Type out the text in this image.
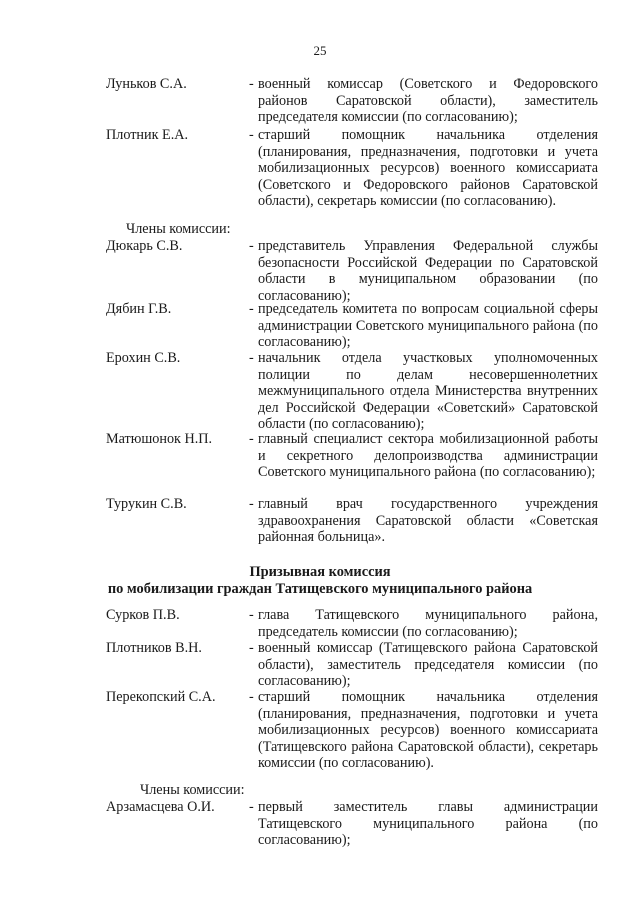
25
Луньков С.А.	- военный комиссар (Советского и Федоровского районов Саратовской области), заместитель председателя комиссии (по согласованию);
Плотник Е.А.	- старший помощник начальника отделения (планирования, предназначения, подготовки и учета мобилизационных ресурсов) военного комиссариата (Советского и Федоровского районов Саратовской области), секретарь комиссии (по согласованию).
Члены комиссии:
Дюкарь С.В.	- представитель Управления Федеральной службы безопасности Российской Федерации по Саратовской области в муниципальном образовании (по согласованию);
Дябин Г.В.	- председатель комитета по вопросам социальной сферы администрации Советского муниципального района (по согласованию);
Ерохин С.В.	- начальник отдела участковых уполномоченных полиции по делам несовершеннолетних межмуниципального отдела Министерства внутренних дел Российской Федерации «Советский» Саратовской области (по согласованию);
Матюшонок Н.П.	- главный специалист сектора мобилизационной работы и секретного делопроизводства администрации Советского муниципального района (по согласованию);
Турукин С.В.	- главный врач государственного учреждения здравоохранения Саратовской области «Советская районная больница».
Призывная комиссия
по мобилизации граждан Татищевского муниципального района
Сурков П.В.	- глава Татищевского муниципального района, председатель комиссии (по согласованию);
Плотников В.Н.	- военный комиссар (Татищевского района Саратовской области), заместитель председателя комиссии (по согласованию);
Перекопский С.А. - старший помощник начальника отделения (планирования, предназначения, подготовки и учета мобилизационных ресурсов) военного комиссариата (Татищевского района Саратовской области), секретарь комиссии (по согласованию).
Члены комиссии:
Арзамасцева О.И. - первый заместитель главы администрации Татищевского муниципального района (по согласованию);
